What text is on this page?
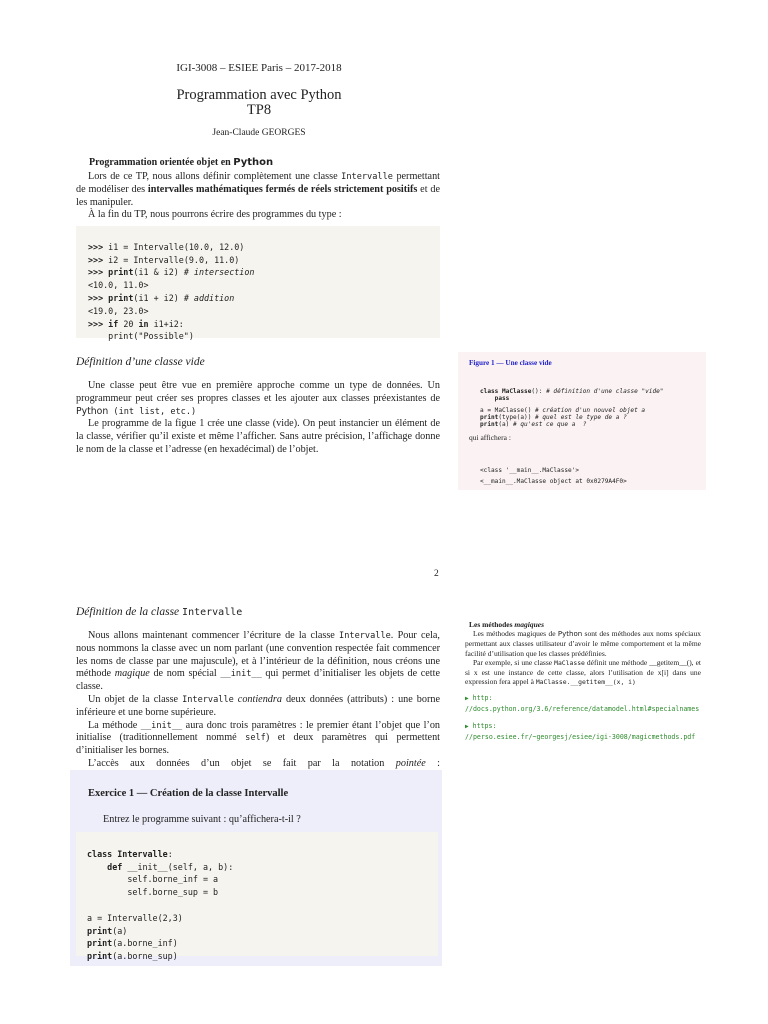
IGI-3008 – ESIEE Paris – 2017-2018
Programmation avec Python
TP8
Jean-Claude GEORGES
Programmation orientée objet en Python
Lors de ce TP, nous allons définir complètement une classe Intervalle permettant de modéliser des intervalles mathématiques fermés de réels strictement positifs et de les manipuler.
À la fin du TP, nous pourrons écrire des programmes du type :

>>> i1 = Intervalle(10.0, 12.0)
>>> i2 = Intervalle(9.0, 11.0)
>>> print(i1 & i2) # intersection
<10.0, 11.0>
>>> print(i1 + i2) # addition
<19.0, 23.0>
>>> if 20 in i1+i2:
print("Possible")

Définition d’une classe vide
Une classe peut être vue en première approche comme un type de données. Un programmeur peut créer ses propres classes et les ajouter aux classes préexistantes de Python (int list, etc.)
Le programme de la figue 1 crée une classe (vide). On peut instancier un élément de la classe, vérifier qu’il existe et même l’afficher. Sans autre précision, l’affichage donne le nom de la classe et l’adresse (en hexadécimal) de l’objet.
Figure 1 — Une classe vide

class MaClasse(): # définition d'une classe "vide"
pass
a = MaClasse() # création d'un nouvel objet a
print(type(a)) # quel est le type de a ?
print(a) # qu'est ce que a  ?

qui affichera :

<class '__main__.MaClasse'>
<__main__.MaClasse object at 0x0279A4F0>

2
Définition de la classe Intervalle
Nous allons maintenant commencer l’écriture de la classe Intervalle. Pour cela, nous nommons la classe avec un nom parlant (une convention respectée fait commencer les noms de classe par une majuscule), et à l’intérieur de la définition, nous créons une méthode magique de nom spécial __init__ qui permet d’initialiser les objets de cette classe.
Un objet de la classe Intervalle contiendra deux données (attributs) : une borne inférieure et une borne supérieure.
La méthode __init__ aura donc trois paramètres : le premier étant l’objet que l’on initialise (traditionnellement nommé self) et deux paramètres qui permettent d’initialiser les bornes.
L’accès aux données d’un objet se fait par la notation pointée :
Les méthodes magiques
Les méthodes magiques de Python sont des méthodes aux noms spéciaux permettant aux classes utilisateur d’avoir le même comportement et la même facilité d’utilisation que les classes prédéfinies.
Par exemple, si une classe MaClasse définit une méthode __getitem__(), et si x est une instance de cette classe, alors l’utilisation de x[i] dans une expression fera appel à MaClasse.__getitem__(x, i)
▶ http:
//docs.python.org/3.6/reference/datamodel.html#specialnames
▶ https:
//perso.esiee.fr/~georgesj/esiee/igi-3008/magicmethods.pdf
Exercice 1 — Création de la classe Intervalle
Entrez le programme suivant : qu’affichera-t-il ?

class Intervalle:
def __init__(self, a, b):
self.borne_inf = a
self.borne_sup = b
a = Intervalle(2,3)
print(a)
print(a.borne_inf)
print(a.borne_sup)
